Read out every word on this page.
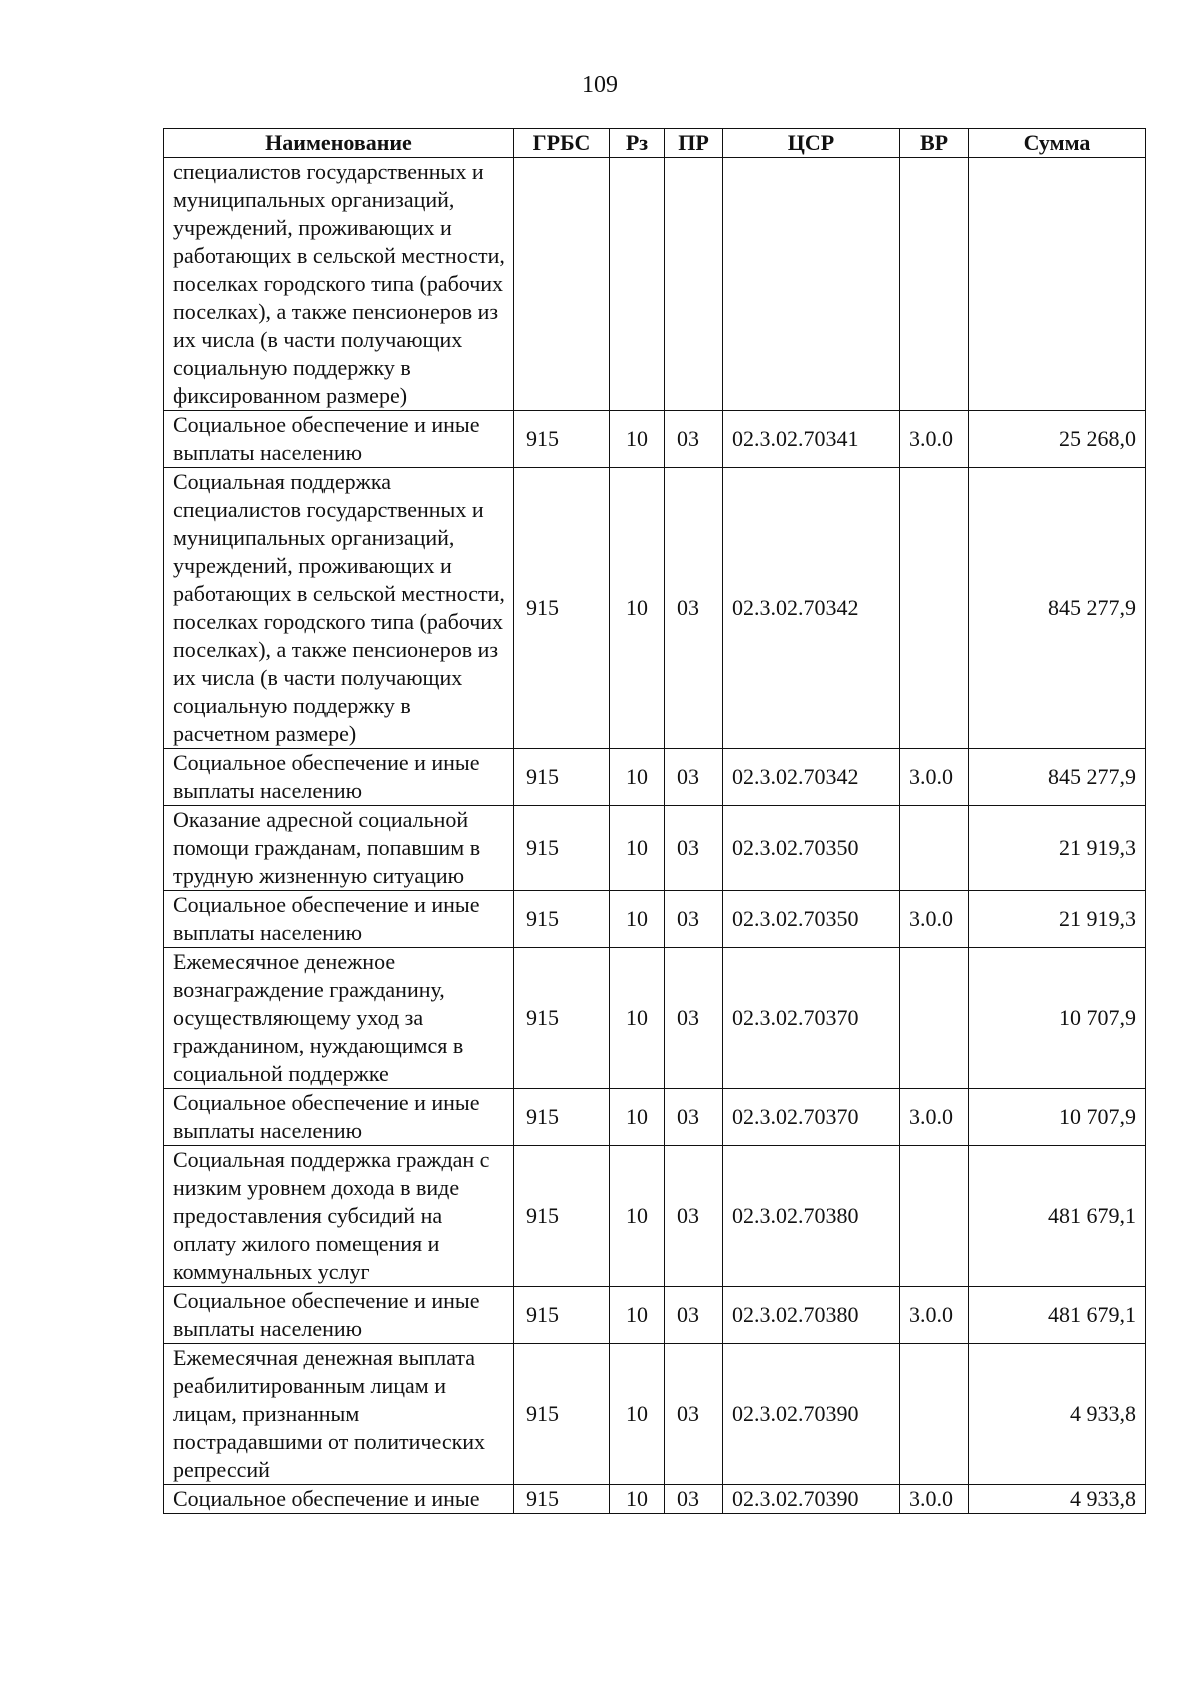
109
Наименование	ГРБС	Рз	ПР	ЦСР	ВР	Сумма
специалистов государственных и муниципальных организаций, учреждений, проживающих и работающих в сельской местности, поселках городского типа (рабочих поселках), а также пенсионеров из их числа (в части получающих социальную поддержку в фиксированном размере)						
Социальное обеспечение и иные выплаты населению	915	10	03	02.3.02.70341	3.0.0	25 268,0
Социальная поддержка специалистов государственных и муниципальных организаций, учреждений, проживающих и работающих в сельской местности, поселках городского типа (рабочих поселках), а также пенсионеров из их числа (в части получающих социальную поддержку в расчетном размере)	915	10	03	02.3.02.70342		845 277,9
Социальное обеспечение и иные выплаты населению	915	10	03	02.3.02.70342	3.0.0	845 277,9
Оказание адресной социальной помощи гражданам, попавшим в трудную жизненную ситуацию	915	10	03	02.3.02.70350		21 919,3
Социальное обеспечение и иные выплаты населению	915	10	03	02.3.02.70350	3.0.0	21 919,3
Ежемесячное денежное вознаграждение гражданину, осуществляющему уход за гражданином, нуждающимся в социальной поддержке	915	10	03	02.3.02.70370		10 707,9
Социальное обеспечение и иные выплаты населению	915	10	03	02.3.02.70370	3.0.0	10 707,9
Социальная поддержка граждан с низким уровнем дохода в виде предоставления субсидий на оплату жилого помещения и коммунальных услуг	915	10	03	02.3.02.70380		481 679,1
Социальное обеспечение и иные выплаты населению	915	10	03	02.3.02.70380	3.0.0	481 679,1
Ежемесячная денежная выплата реабилитированным лицам и лицам, признанным пострадавшими от политических репрессий	915	10	03	02.3.02.70390		4 933,8
Социальное обеспечение и иные	915	10	03	02.3.02.70390	3.0.0	4 933,8
